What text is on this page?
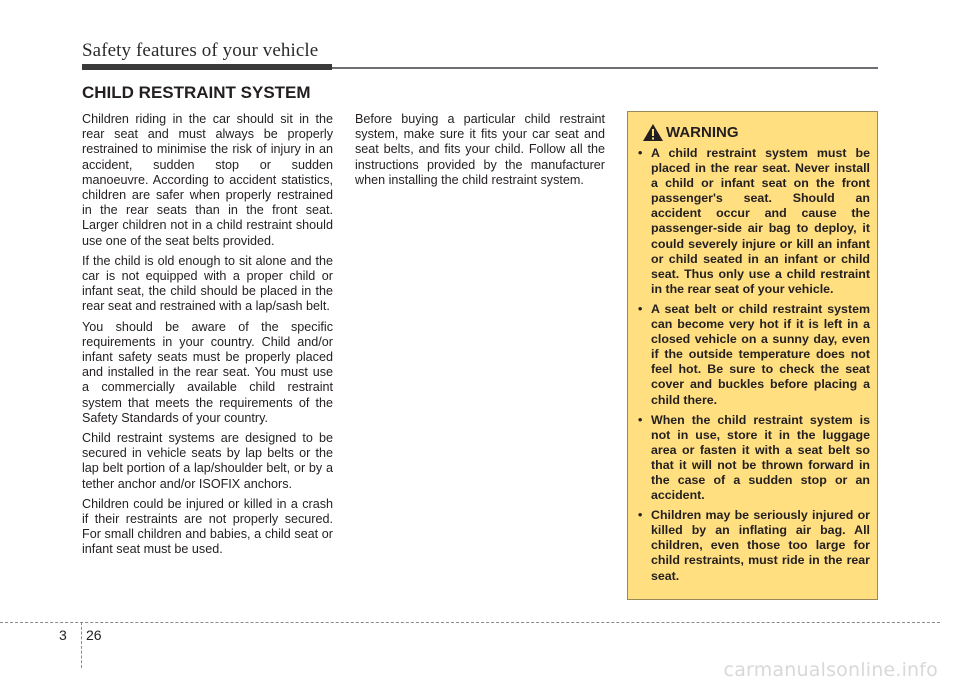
Safety features of your vehicle
CHILD RESTRAINT SYSTEM

Children riding in the car should sit in the rear seat and must always be properly restrained to minimise the risk of injury in an accident, sudden stop or sudden manoeuvre. According to accident statistics, children are safer when properly restrained in the rear seats than in the front seat. Larger children not in a child restraint should use one of the seat belts provided.

If the child is old enough to sit alone and the car is not equipped with a proper child or infant seat, the child should be placed in the rear seat and restrained with a lap/sash belt.

You should be aware of the specific requirements in your country. Child and/or infant safety seats must be properly placed and installed in the rear seat. You must use a commercially available child restraint system that meets the requirements of the Safety Standards of your country.

Child restraint systems are designed to be secured in vehicle seats by lap belts or the lap belt portion of a lap/shoulder belt, or by a tether anchor and/or ISOFIX anchors.

Children could be injured or killed in a crash if their restraints are not properly secured. For small children and babies, a child seat or infant seat must be used.

Before buying a particular child restraint system, make sure it fits your car seat and seat belts, and fits your child. Follow all the instructions provided by the manufacturer when installing the child restraint system.

WARNING
• A child restraint system must be placed in the rear seat. Never install a child or infant seat on the front passenger's seat. Should an accident occur and cause the passenger-side air bag to deploy, it could severely injure or kill an infant or child seated in an infant or child seat. Thus only use a child restraint in the rear seat of your vehicle.
• A seat belt or child restraint system can become very hot if it is left in a closed vehicle on a sunny day, even if the outside temperature does not feel hot. Be sure to check the seat cover and buckles before placing a child there.
• When the child restraint system is not in use, store it in the luggage area or fasten it with a seat belt so that it will not be thrown forward in the case of a sudden stop or an accident.
• Children may be seriously injured or killed by an inflating air bag. All children, even those too large for child restraints, must ride in the rear seat.
3 26
carmanualsonline.info
